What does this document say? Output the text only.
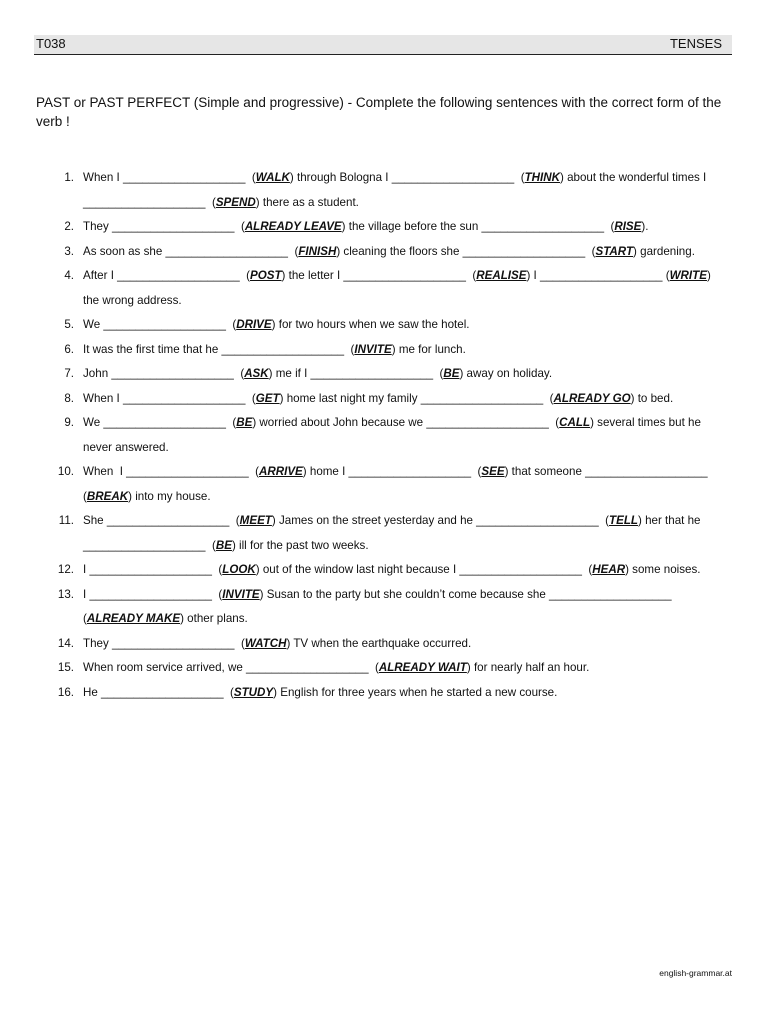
T038	TENSES
PAST or PAST PERFECT (Simple and progressive) - Complete the following sentences with the correct form of the verb !
1. When I ___________________  (WALK) through Bologna I ___________________  (THINK) about the wonderful times I ___________________  (SPEND) there as a student.
2. They ___________________  (ALREADY LEAVE) the village before the sun ___________________  (RISE).
3. As soon as she ___________________  (FINISH) cleaning the floors she ___________________  (START) gardening.
4. After I ___________________  (POST) the letter I ___________________  (REALISE) I ___________________ (WRITE) the wrong address.
5. We ___________________  (DRIVE) for two hours when we saw the hotel.
6. It was the first time that he ___________________  (INVITE) me for lunch.
7. John ___________________  (ASK) me if I ___________________  (BE) away on holiday.
8. When I ___________________  (GET) home last night my family ___________________  (ALREADY GO) to bed.
9. We ___________________  (BE) worried about John because we ___________________  (CALL) several times but he never answered.
10. When  I ___________________  (ARRIVE) home I ___________________  (SEE) that someone ___________________  (BREAK) into my house.
11. She ___________________  (MEET) James on the street yesterday and he ___________________  (TELL) her that he ___________________  (BE) ill for the past two weeks.
12. I ___________________  (LOOK) out of the window last night because I ___________________  (HEAR) some noises.
13. I ___________________  (INVITE) Susan to the party but she couldn’t come because she ___________________ (ALREADY MAKE) other plans.
14. They ___________________  (WATCH) TV when the earthquake occurred.
15. When room service arrived, we ___________________  (ALREADY WAIT) for nearly half an hour.
16. He ___________________  (STUDY) English for three years when he started a new course.
english-grammar.at
